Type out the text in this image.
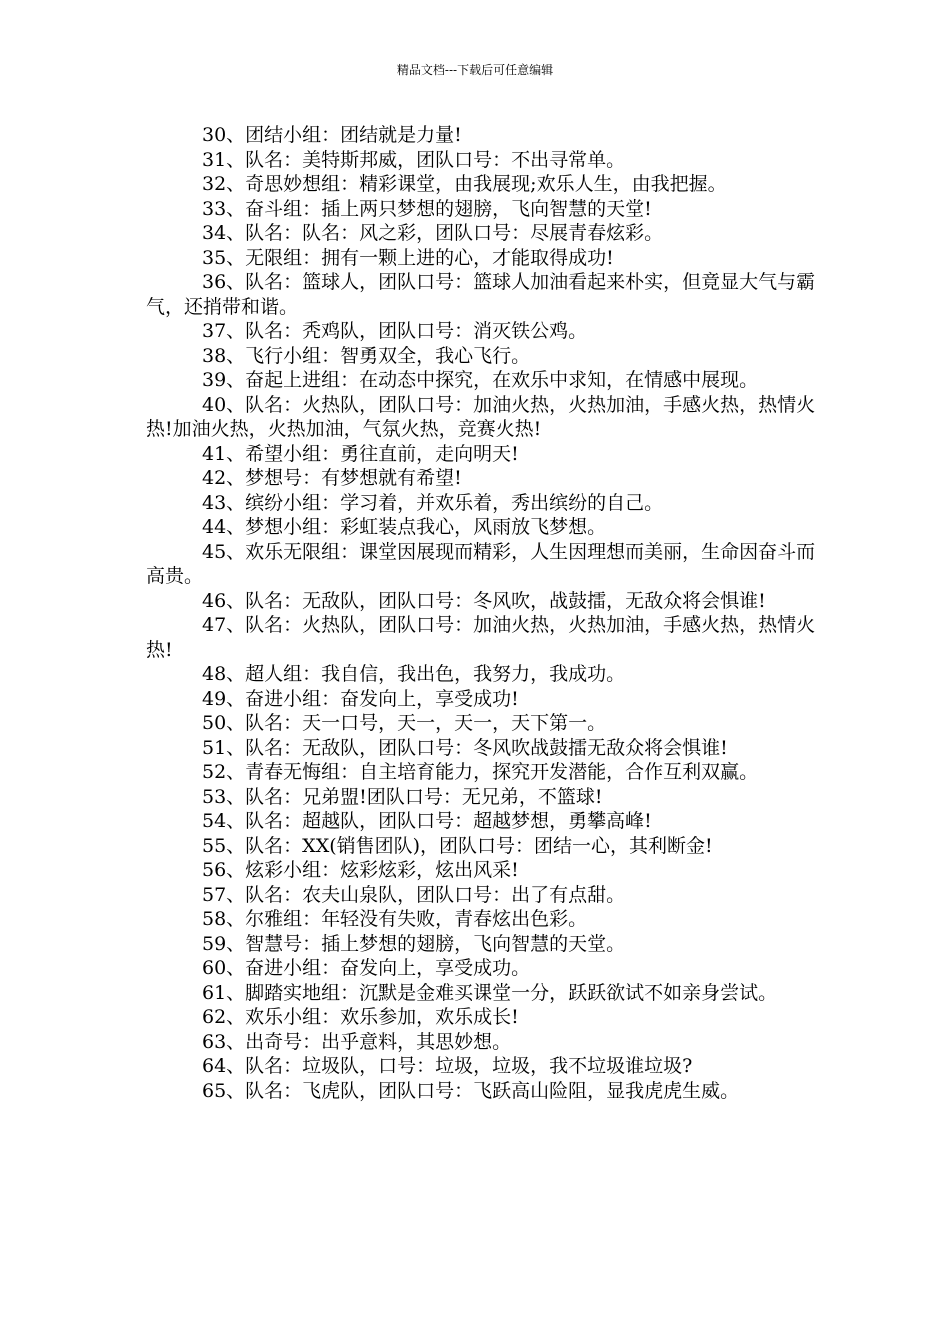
精品文档---下载后可任意编辑

30、团结小组：团结就是力量!

31、队名：美特斯邦威，团队口号：不出寻常单。

32、奇思妙想组：精彩课堂，由我展现;欢乐人生，由我把握。

33、奋斗组：插上两只梦想的翅膀，飞向智慧的天堂!

34、队名：队名：风之彩，团队口号：尽展青春炫彩。

35、无限组：拥有一颗上进的心，才能取得成功!

36、队名：篮球人，团队口号：篮球人加油看起来朴实，但竟显大气与霸气，还捎带和谐。

37、队名：秃鸡队，团队口号：消灭铁公鸡。

38、飞行小组：智勇双全，我心飞行。

39、奋起上进组：在动态中探究，在欢乐中求知，在情感中展现。

40、队名：火热队，团队口号：加油火热，火热加油，手感火热，热情火热!加油火热，火热加油，气氛火热，竞赛火热!

41、希望小组：勇往直前，走向明天!

42、梦想号：有梦想就有希望!

43、缤纷小组：学习着，并欢乐着，秀出缤纷的自己。

44、梦想小组：彩虹装点我心，风雨放飞梦想。

45、欢乐无限组：课堂因展现而精彩，人生因理想而美丽，生命因奋斗而高贵。

46、队名：无敌队，团队口号：冬风吹，战鼓擂，无敌众将会惧谁!

47、队名：火热队，团队口号：加油火热，火热加油，手感火热，热情火热!

48、超人组：我自信，我出色，我努力，我成功。

49、奋进小组：奋发向上，享受成功!

50、队名：天一口号，天一，天一，天下第一。

51、队名：无敌队，团队口号：冬风吹战鼓擂无敌众将会惧谁!

52、青春无悔组：自主培育能力，探究开发潜能，合作互利双赢。

53、队名：兄弟盟!团队口号：无兄弟，不篮球!

54、队名：超越队，团队口号：超越梦想，勇攀高峰!

55、队名：XX(销售团队)，团队口号：团结一心，其利断金!

56、炫彩小组：炫彩炫彩，炫出风采!

57、队名：农夫山泉队，团队口号：出了有点甜。

58、尔雅组：年轻没有失败，青春炫出色彩。

59、智慧号：插上梦想的翅膀，飞向智慧的天堂。

60、奋进小组：奋发向上，享受成功。

61、脚踏实地组：沉默是金难买课堂一分，跃跃欲试不如亲身尝试。

62、欢乐小组：欢乐参加，欢乐成长!

63、出奇号：出乎意料，其思妙想。

64、队名：垃圾队，口号：垃圾，垃圾，我不垃圾谁垃圾?

65、队名：飞虎队，团队口号：飞跃高山险阻，显我虎虎生威。
